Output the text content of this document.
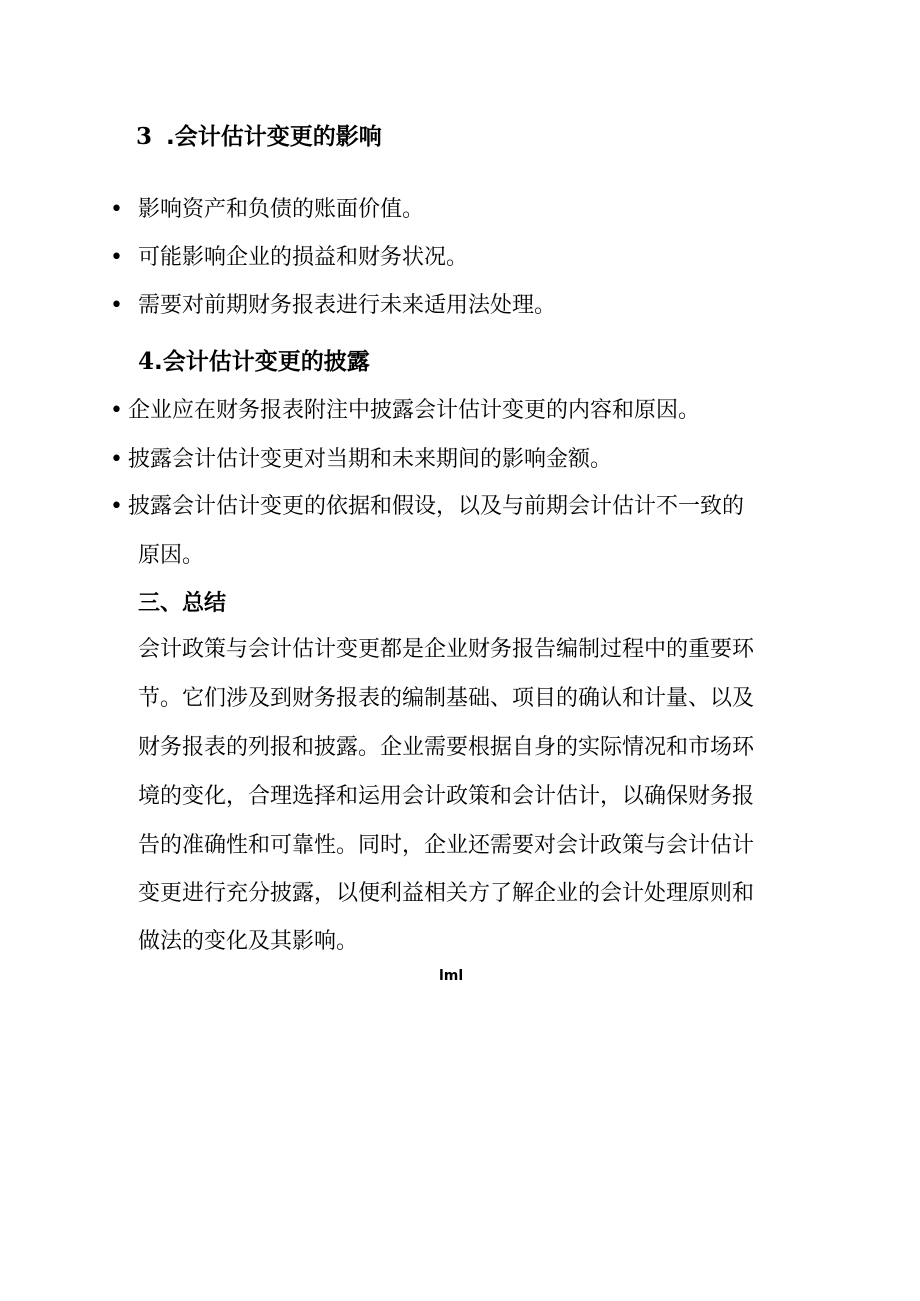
3 .会计估计变更的影响
• 影响资产和负债的账面价值。
• 可能影响企业的损益和财务状况。
• 需要对前期财务报表进行未来适用法处理。
4.会计估计变更的披露
• 企业应在财务报表附注中披露会计估计变更的内容和原因。
• 披露会计估计变更对当期和未来期间的影响金额。
• 披露会计估计变更的依据和假设，以及与前期会计估计不一致的
原因。
三、总结
会计政策与会计估计变更都是企业财务报告编制过程中的重要环
节。它们涉及到财务报表的编制基础、项目的确认和计量、以及
财务报表的列报和披露。企业需要根据自身的实际情况和市场环
境的变化，合理选择和运用会计政策和会计估计，以确保财务报
告的准确性和可靠性。同时，企业还需要对会计政策与会计估计
变更进行充分披露，以便利益相关方了解企业的会计处理原则和
做法的变化及其影响。
lml
